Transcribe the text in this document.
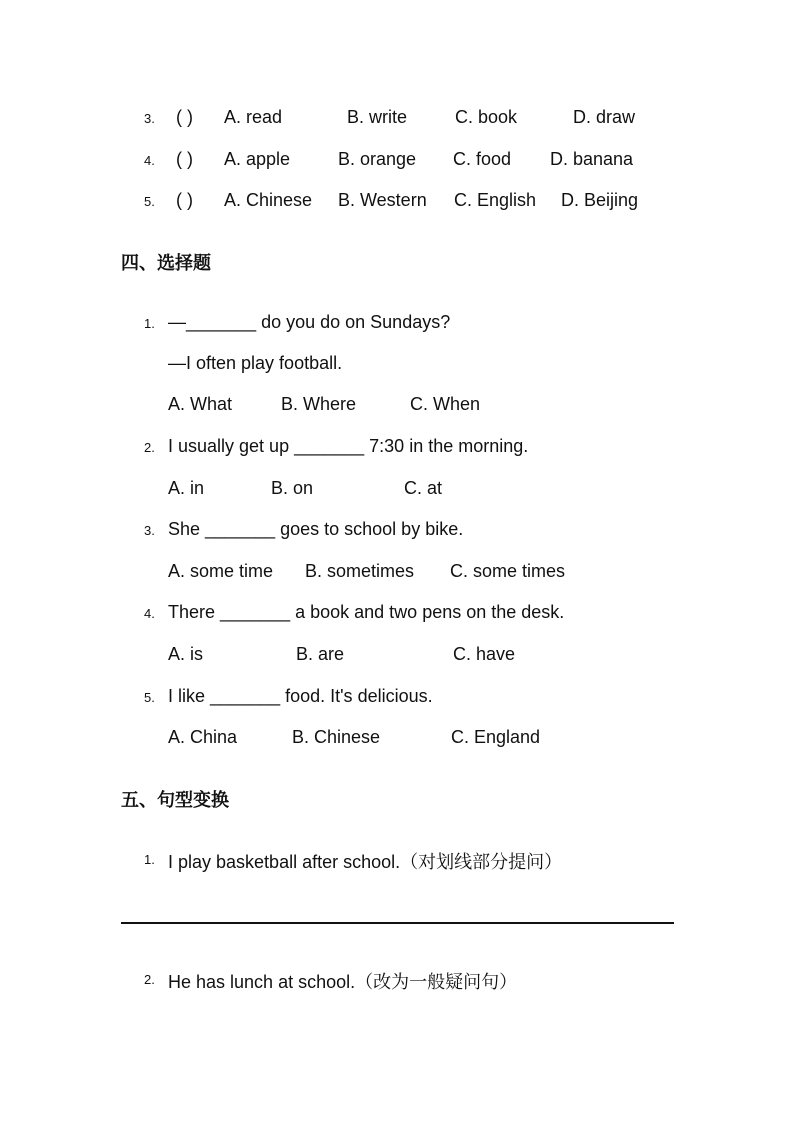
3. ( ) A. read	B. write	C. book	D. draw
4. ( ) A. apple	B. orange C. food D. banana
5. ( ) A. Chinese B. Western C. English D. Beijing
四、选择题
1. —_______ do you do on Sundays?
—I often play football.
A. What	B. Where	C. When
2. I usually get up _______ 7:30 in the morning.
A. in	B. on	C. at
3. She _______ goes to school by bike.
A. some time B. sometimes C. some times
4. There _______ a book and two pens on the desk.
A. is	B. are	C. have
5. I like _______ food. It's delicious.
A. China	B. Chinese	C. England
五、句型变换
1. I play basketball after school.（对划线部分提问）
2. He has lunch at school.（改为一般疑问句）
